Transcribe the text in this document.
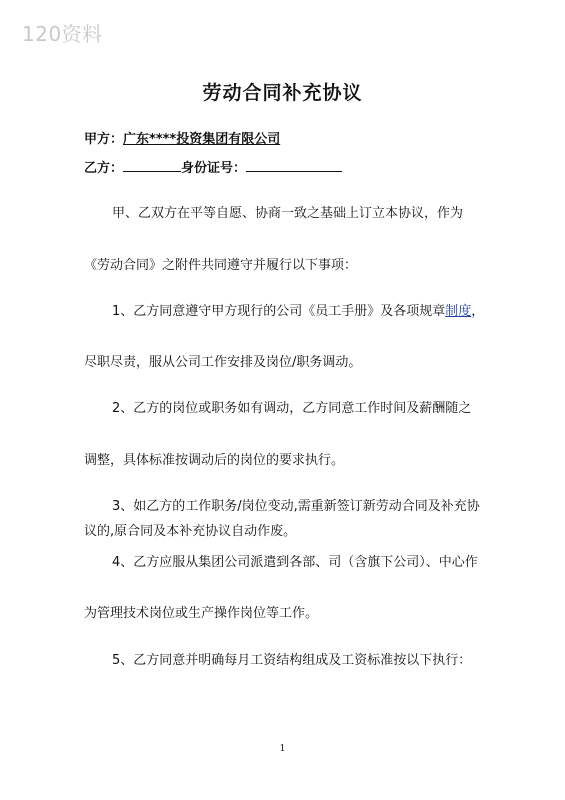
120资料
劳动合同补充协议
甲方：广东****投资集团有限公司
乙方：	身份证号：
甲、乙双方在平等自愿、协商一致之基础上订立本协议，作为
《劳动合同》之附件共同遵守并履行以下事项：
1、乙方同意遵守甲方现行的公司《员工手册》及各项规章制度，
尽职尽责，服从公司工作安排及岗位/职务调动。
2、乙方的岗位或职务如有调动，乙方同意工作时间及薪酬随之
调整，具体标准按调动后的岗位的要求执行。
3、如乙方的工作职务/岗位变动,需重新签订新劳动合同及补充协
议的,原合同及本补充协议自动作废。
4、乙方应服从集团公司派遣到各部、司（含旗下公司）、中心作
为管理技术岗位或生产操作岗位等工作。
5、乙方同意并明确每月工资结构组成及工资标准按以下执行：
1
